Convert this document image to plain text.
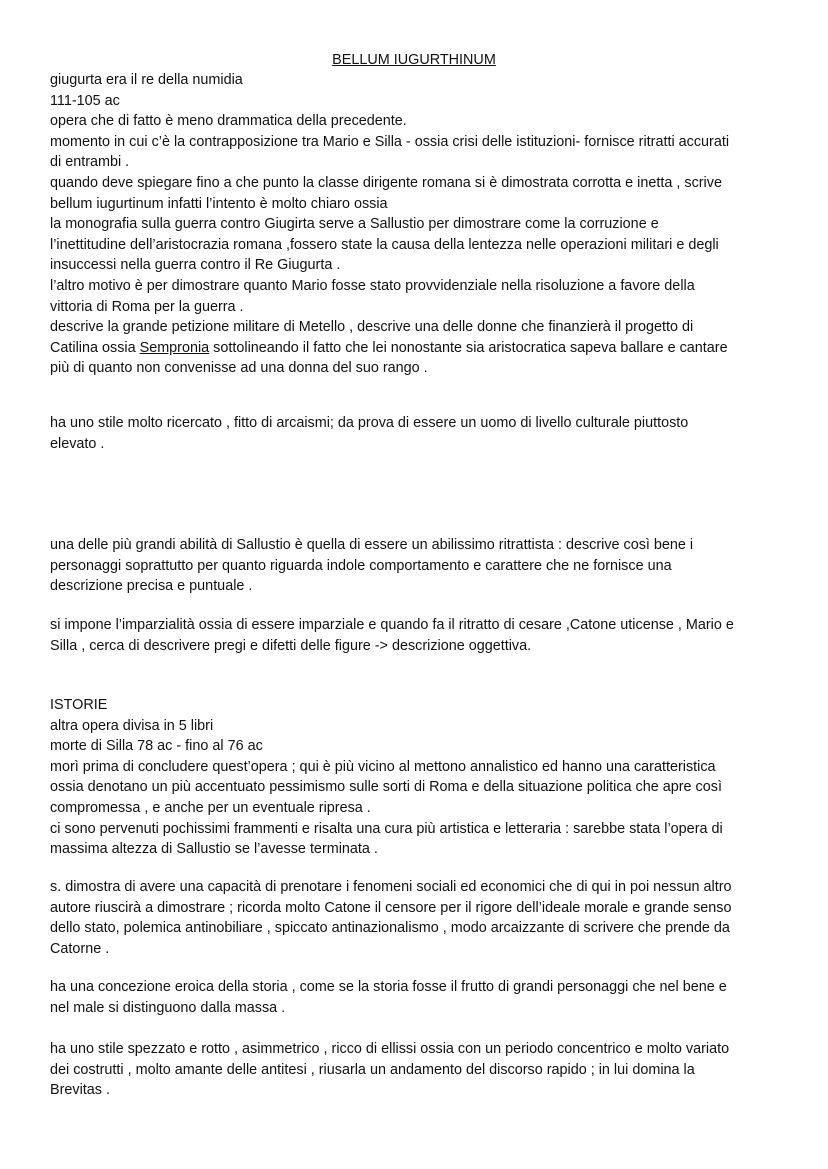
BELLUM IUGURTHINUM
giugurta era il re della numidia
111-105 ac
opera che di fatto è meno drammatica della precedente.
momento in cui c’è la contrapposizione tra Mario e Silla - ossia crisi delle istituzioni- fornisce ritratti accurati
di entrambi .
quando deve spiegare fino a che punto la classe dirigente romana si è dimostrata corrotta e inetta , scrive
bellum iugurtinum infatti l’intento è molto chiaro ossia
la monografia sulla guerra contro Giugirta serve a Sallustio per dimostrare come la corruzione e
l’inettitudine dell’aristocrazia romana ,fossero state la causa della lentezza nelle operazioni militari e degli
insuccessi nella guerra contro il Re Giugurta .
l’altro motivo è per dimostrare quanto Mario fosse stato provvidenziale nella risoluzione a favore della
vittoria di Roma per la guerra .
descrive la grande petizione militare di Metello , descrive una delle donne che finanzierà il progetto di
Catilina ossia Sempronia sottolineando il fatto che lei nonostante sia aristocratica sapeva ballare e cantare
più di quanto non convenisse ad una donna del suo rango .
ha uno stile molto ricercato , fitto di arcaismi; da prova di essere un uomo di livello culturale piuttosto
elevato .
una delle più grandi abilità di Sallustio è quella di essere un abilissimo ritrattista : descrive così bene i
personaggi soprattutto per quanto riguarda indole comportamento e carattere che ne fornisce una
descrizione precisa e puntuale .
si impone l’imparzialità ossia di essere imparziale e quando fa il ritratto di cesare ,Catone uticense , Mario e
Silla , cerca di descrivere pregi e difetti delle figure -> descrizione oggettiva.
ISTORIE
altra opera divisa in 5 libri
morte di Silla 78 ac - fino al 76 ac
morì prima di concludere quest’opera ; qui è più vicino al mettono annalistico ed hanno una caratteristica
ossia denotano un più accentuato pessimismo sulle sorti di Roma e della situazione politica che apre così
compromessa , e anche per un eventuale ripresa .
ci sono pervenuti pochissimi frammenti e risalta una cura più artistica e letteraria : sarebbe stata l’opera di
massima altezza di Sallustio se l’avesse terminata .
s. dimostra di avere una capacità di prenotare i fenomeni sociali ed economici che di qui in poi nessun altro
autore riuscirà a dimostrare ; ricorda molto Catone il censore per il rigore dell’ideale morale e grande senso
dello stato, polemica antinobiliare , spiccato antinazionalismo , modo arcaizzante di scrivere che prende da
Catorne .
ha una concezione eroica della storia , come se la storia fosse il frutto di grandi personaggi che nel bene e
nel male si distinguono dalla massa .
ha uno stile spezzato e rotto , asimmetrico , ricco di ellissi ossia con un periodo concentrico e molto variato
dei costrutti , molto amante delle antitesi , riusarla un andamento del discorso rapido ; in lui domina la
Brevitas .
